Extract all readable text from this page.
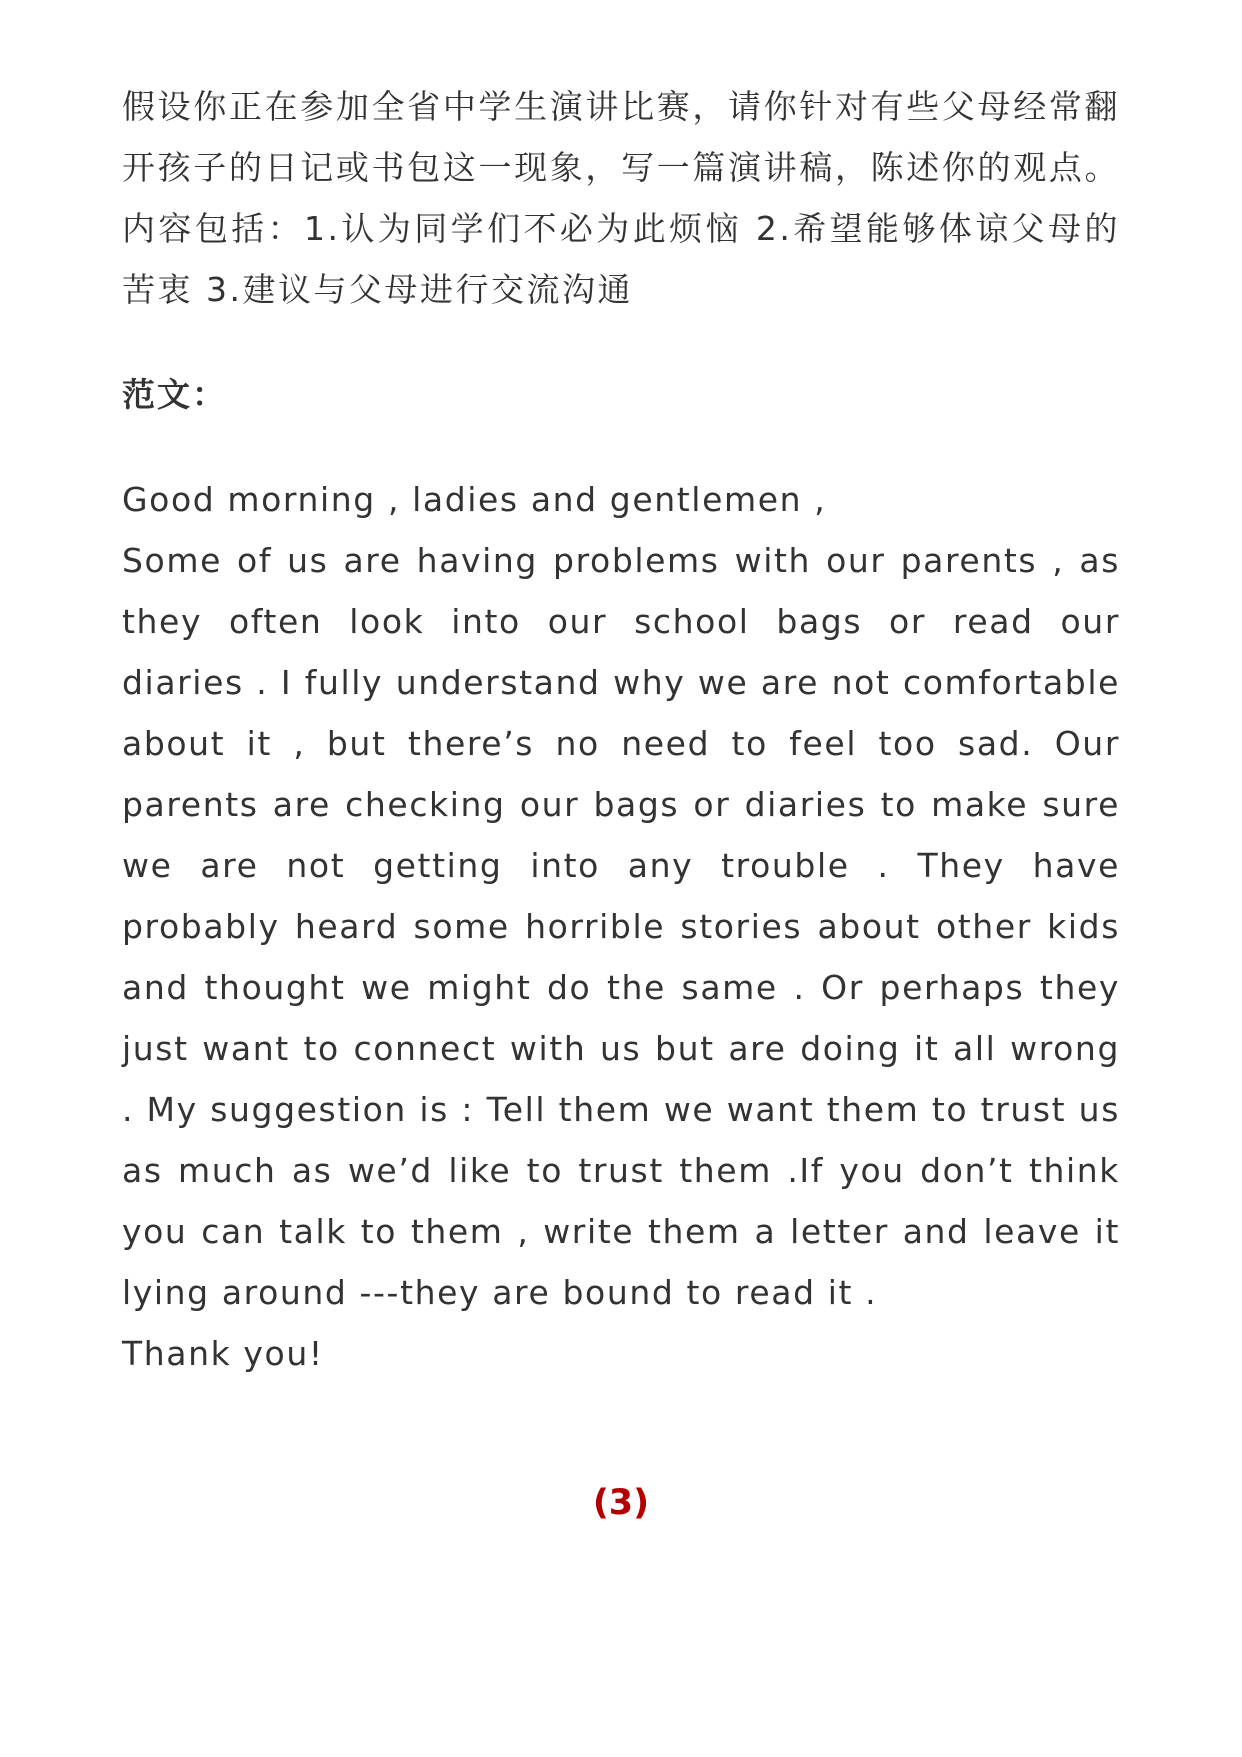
假设你正在参加全省中学生演讲比赛，请你针对有些父母经常翻开孩子的日记或书包这一现象，写一篇演讲稿，陈述你的观点。 内容包括：1.认为同学们不必为此烦恼 2.希望能够体谅父母的苦衷 3.建议与父母进行交流沟通

范文：

Good morning , ladies and gentlemen ,

Some of us are having problems with our parents , as they often look into our school bags or read our diaries . I fully understand why we are not comfortable about it , but there’s no need to feel too sad. Our parents are checking our bags or diaries to make sure we are not getting into any trouble . They have probably heard some horrible stories about other kids and thought we might do the same . Or perhaps they just want to connect with us but are doing it all wrong . My suggestion is : Tell them we want them to trust us as much as we’d like to trust them .If you don’t think you can talk to them , write them a letter and leave it lying around ---they are bound to read it .

Thank you!

(3)
